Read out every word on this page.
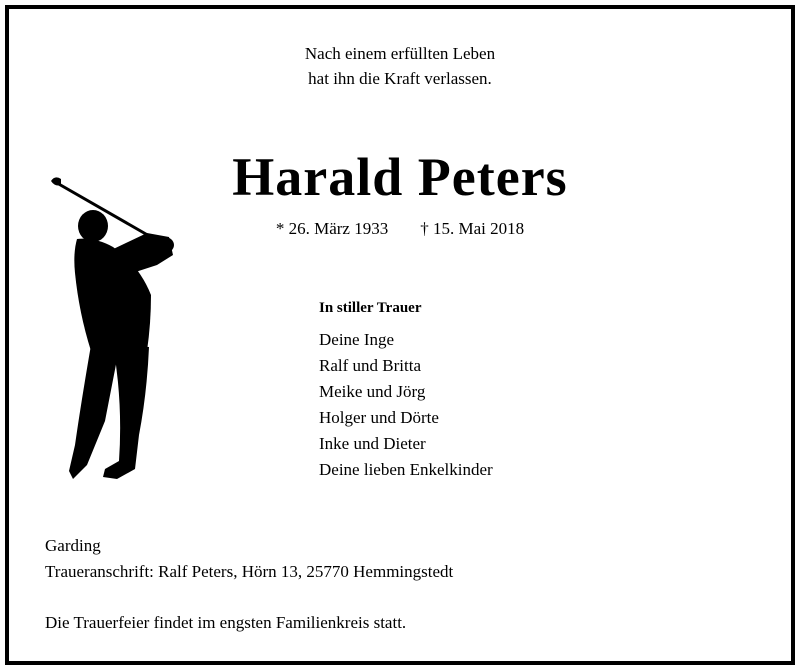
Nach einem erfüllten Leben
hat ihn die Kraft verlassen.
Harald Peters
* 26. März 1933 † 15. Mai 2018
In stiller Trauer
Deine Inge
Ralf und Britta
Meike und Jörg
Holger und Dörte
Inke und Dieter
Deine lieben Enkelkinder
Garding
Traueranschrift: Ralf Peters, Hörn 13, 25770 Hemmingstedt
Die Trauerfeier findet im engsten Familienkreis statt.
